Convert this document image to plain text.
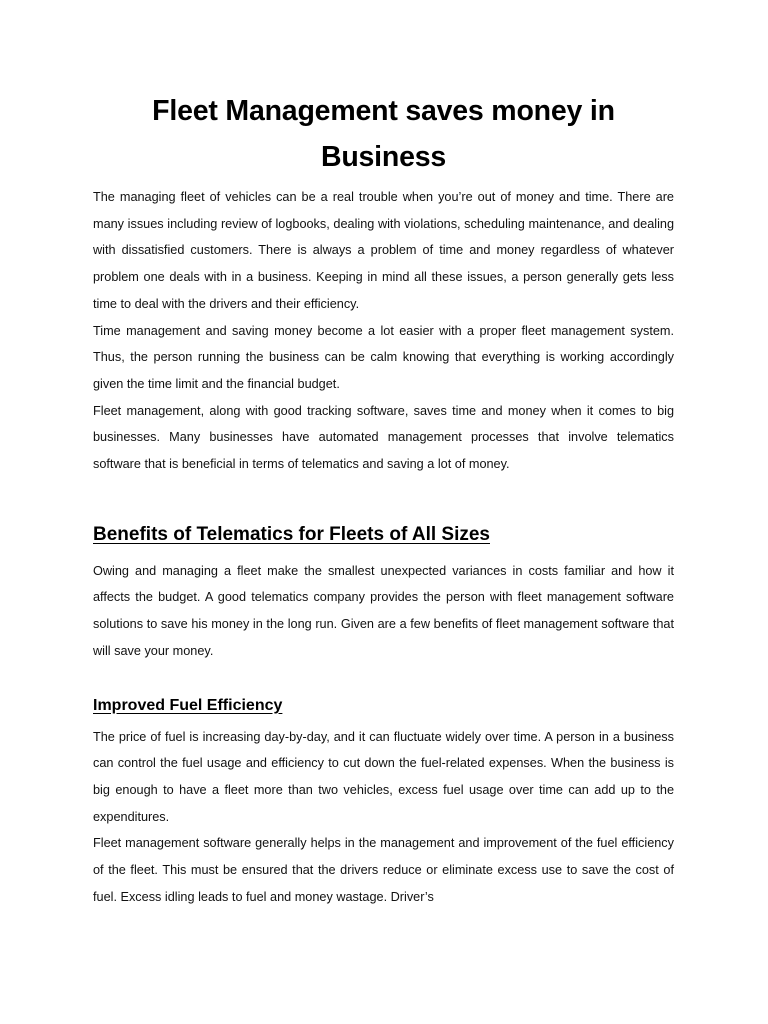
Fleet Management saves money in Business

The managing fleet of vehicles can be a real trouble when you’re out of money and time. There are many issues including review of logbooks, dealing with violations, scheduling maintenance, and dealing with dissatisfied customers. There is always a problem of time and money regardless of whatever problem one deals with in a business. Keeping in mind all these issues, a person generally gets less time to deal with the drivers and their efficiency.

Time management and saving money become a lot easier with a proper fleet management system. Thus, the person running the business can be calm knowing that everything is working accordingly given the time limit and the financial budget.

Fleet management, along with good tracking software, saves time and money when it comes to big businesses. Many businesses have automated management processes that involve telematics software that is beneficial in terms of telematics and saving a lot of money.

Benefits of Telematics for Fleets of All Sizes

Owing and managing a fleet make the smallest unexpected variances in costs familiar and how it affects the budget. A good telematics company provides the person with fleet management software solutions to save his money in the long run. Given are a few benefits of fleet management software that will save your money.

Improved Fuel Efficiency

The price of fuel is increasing day-by-day, and it can fluctuate widely over time. A person in a business can control the fuel usage and efficiency to cut down the fuel-related expenses. When the business is big enough to have a fleet more than two vehicles, excess fuel usage over time can add up to the expenditures.

Fleet management software generally helps in the management and improvement of the fuel efficiency of the fleet. This must be ensured that the drivers reduce or eliminate excess use to save the cost of fuel. Excess idling leads to fuel and money wastage. Driver’s
